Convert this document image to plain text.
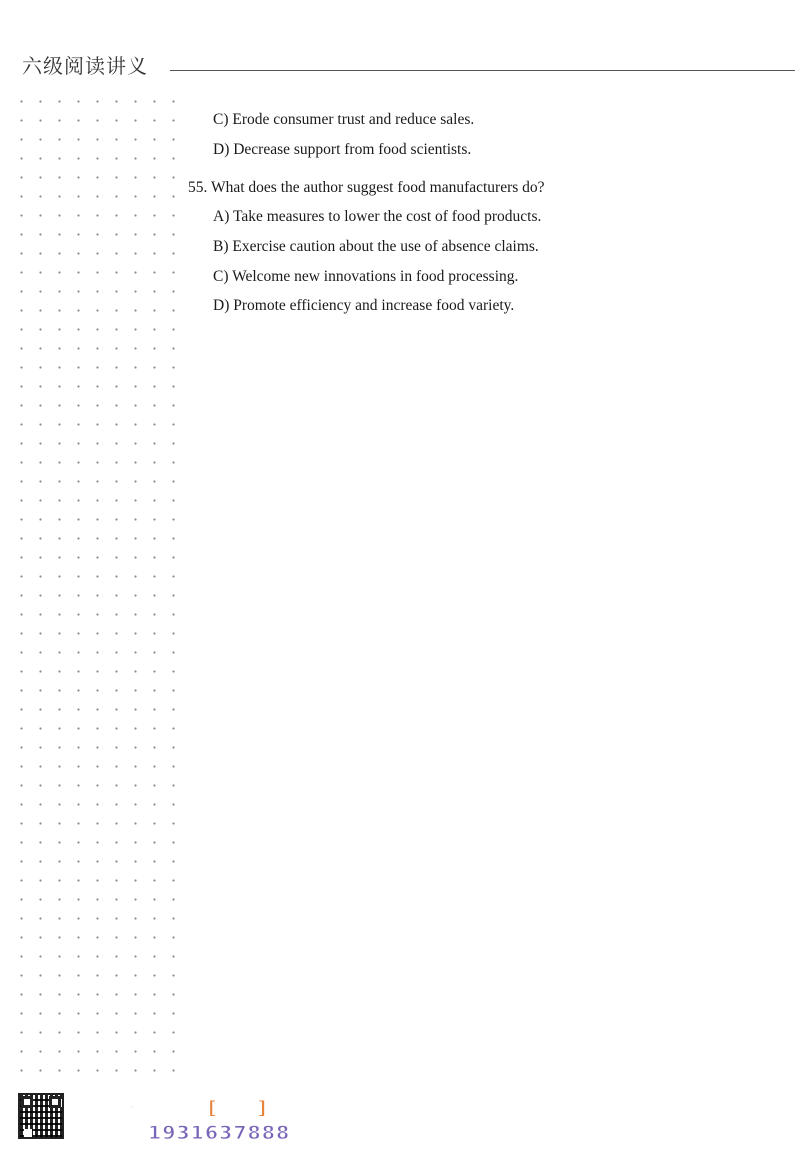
六级阅读讲义
C) Erode consumer trust and reduce sales.
D) Decrease support from food scientists.
55. What does the author suggest food manufacturers do?
A) Take measures to lower the cost of food products.
B) Exercise caution about the use of absence claims.
C) Welcome new innovations in food processing.
D) Promote efficiency and increase food variety.
配套课程公众号[研大]
联系微信1931637888
